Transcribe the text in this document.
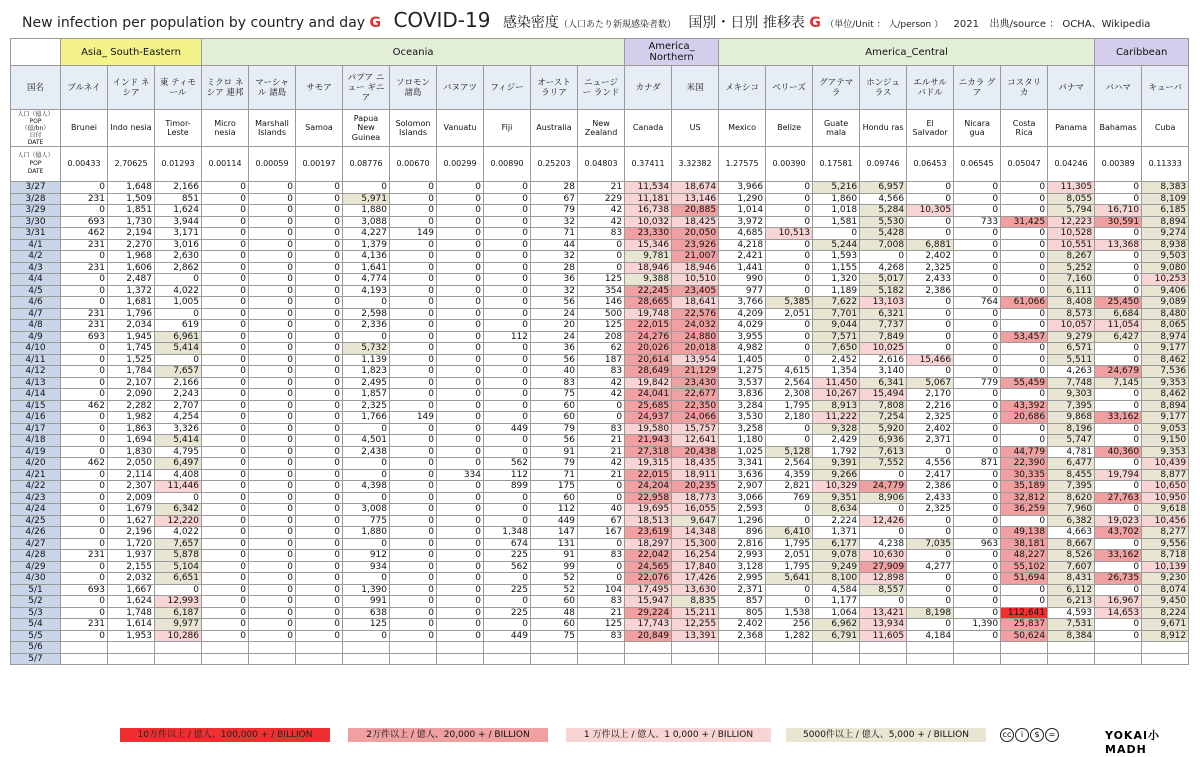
New infection per population by country and day G COVID-19 感染密度（人口あたり新規感染者数） 国別・日別 推移表 G （単位/Unit ： 人/person ） 2021 出典/source ： OCHA、Wikipedia
	Asia_ South-Eastern			Oceania									America_ Northern		America_Central								Caribbean	
国名	ブルネイ	インド ネシア	東 ティモール	ミクロ ネシア 連邦	マーシャル 諸島	サモア	パプア ニュー ギニア	ソロモン 諸島	バヌアツ	フィジー	オースト ラリア	ニュージー ランド	カナダ	米国	メキシコ	ベリーズ	グアテマラ	ホンジュ ラス	エルサル バドル	ニカラ グア	コスタリカ	パナマ	バハマ	キューバ

人口（億人）
POP
（億/bn）
日付
DATE	Brunei	Indo nesia	Timor- Leste	Micro nesia	Marshall Islands	Samoa	Papua New Guinea	Solomon Islands	Vanuatu	Fiji	Australia	New Zealand	Canada	US	Mexico	Belize	Guate mala	Hondu ras	El Salvador	Nicara gua	Costa Rica	Panama	Bahamas	Cuba

人口（億人）
POP
DATE	0.00433	2.70625	0.01293	0.00114	0.00059	0.00197	0.08776	0.00670	0.00299	0.00890	0.25203	0.04803	0.37411	3.32382	1.27575	0.00390	0.17581	0.09746	0.06453	0.06545	0.05047	0.04246	0.00389	0.11333
3/27	0	1,648	2,166	0	0	0	0	0	0	0	28	21	11,534	18,674	3,966	0	5,216	6,957	0	0	0	11,305	0	8,383
3/28	231	1,509	851	0	0	0	5,971	0	0	0	67	229	11,181	13,146	1,290	0	1,860	4,566	0	0	0	8,055	0	8,109
3/29	0	1,851	1,624	0	0	0	1,880	0	0	0	79	42	16,738	20,885	1,014	0	1,018	5,284	10,305	0	0	5,794	16,710	6,185
3/30	693	1,730	3,944	0	0	0	3,088	0	0	0	32	42	10,032	18,425	3,972	0	1,581	5,530	0	733	31,425	12,223	30,591	8,894
3/31	462	2,194	3,171	0	0	0	4,227	149	0	0	71	83	23,330	20,050	4,685	10,513	0	5,428	0	0	0	10,528	0	9,274
4/1	231	2,270	3,016	0	0	0	1,379	0	0	0	44	0	15,346	23,926	4,218	0	5,244	7,008	6,881	0	0	10,551	13,368	8,938
4/2	0	1,968	2,630	0	0	0	4,136	0	0	0	32	0	9,781	21,007	2,421	0	1,593	0	2,402	0	0	8,267	0	9,503
4/3	231	1,606	2,862	0	0	0	1,641	0	0	0	28	0	18,946	18,946	1,441	0	1,155	4,268	2,325	0	0	5,252	0	9,080
4/4	0	2,487	0	0	0	0	4,774	0	0	0	36	125	9,388	10,510	990	0	1,320	5,017	2,433	0	0	7,160	0	10,253
4/5	0	1,372	4,022	0	0	0	4,193	0	0	0	32	354	22,245	23,405	977	0	1,189	5,182	2,386	0	0	6,111	0	9,406
4/6	0	1,681	1,005	0	0	0	0	0	0	0	56	146	28,665	18,641	3,766	5,385	7,622	13,103	0	764	61,066	8,408	25,450	9,089
4/7	231	1,796	0	0	0	0	2,598	0	0	0	24	500	19,748	22,576	4,209	2,051	7,701	6,321	0	0	0	8,573	6,684	8,480
4/8	231	2,034	619	0	0	0	2,336	0	0	0	20	125	22,015	24,032	4,029	0	9,044	7,737	0	0	0	10,057	11,054	8,065
4/9	693	1,945	6,961	0	0	0	0	0	0	112	24	208	24,276	24,880	3,955	0	7,571	7,849	0	0	53,457	9,279	6,427	8,974
4/10	0	1,745	5,414	0	0	0	5,732	0	0	0	36	62	20,026	20,018	4,982	0	7,650	10,025	0	0	0	6,571	0	9,177
4/11	0	1,525	0	0	0	0	1,139	0	0	0	56	187	20,614	13,954	1,405	0	2,452	2,616	15,466	0	0	5,511	0	8,462
4/12	0	1,784	7,657	0	0	0	1,823	0	0	0	40	83	28,649	21,129	1,275	4,615	1,354	3,140	0	0	0	4,263	24,679	7,536
4/13	0	2,107	2,166	0	0	0	2,495	0	0	0	83	42	19,842	23,430	3,537	2,564	11,450	6,341	5,067	779	55,459	7,748	7,145	9,353
4/14	0	2,090	2,243	0	0	0	1,857	0	0	0	75	42	24,041	22,677	3,836	2,308	10,267	15,494	2,170	0	0	9,303	0	8,462
4/15	462	2,282	2,707	0	0	0	2,325	0	0	0	60	0	25,685	22,350	3,284	1,795	8,913	7,808	2,216	0	43,392	7,395	0	8,894
4/16	0	1,982	4,254	0	0	0	1,766	149	0	0	60	0	24,937	24,066	3,530	2,180	11,222	7,254	2,325	0	20,686	9,868	33,162	9,177
4/17	0	1,863	3,326	0	0	0	0	0	0	449	79	83	19,580	15,757	3,258	0	9,328	5,920	2,402	0	0	8,196	0	9,053
4/18	0	1,694	5,414	0	0	0	4,501	0	0	0	56	21	21,943	12,641	1,180	0	2,429	6,936	2,371	0	0	5,747	0	9,150
4/19	0	1,830	4,795	0	0	0	2,438	0	0	0	91	21	27,318	20,438	1,025	5,128	1,792	7,613	0	0	44,779	4,781	40,360	9,353
4/20	462	2,050	6,497	0	0	0	0	0	0	562	79	42	19,315	18,435	3,341	2,564	9,391	7,552	4,556	871	22,390	6,477	0	10,439
4/21	0	2,114	4,408	0	0	0	0	0	334	112	71	21	22,015	18,911	3,636	4,359	9,266	0	2,417	0	30,335	8,455	19,794	8,877
4/22	0	2,307	11,446	0	0	0	4,398	0	0	899	175	0	24,204	20,235	2,907	2,821	10,329	24,779	2,386	0	35,189	7,395	0	10,650
4/23	0	2,009	0	0	0	0	0	0	0	0	60	0	22,958	18,773	3,066	769	9,351	8,906	2,433	0	32,812	8,620	27,763	10,950
4/24	0	1,679	6,342	0	0	0	3,008	0	0	0	112	40	19,695	16,055	2,593	0	8,634	0	2,325	0	36,259	7,960	0	9,618
4/25	0	1,627	12,220	0	0	0	775	0	0	0	449	67	18,513	9,647	1,296	0	2,224	12,426	0	0	0	6,382	19,023	10,456
4/26	0	2,196	4,022	0	0	0	1,880	0	0	1,348	147	167	23,619	14,348	896	6,410	1,371	0	0	0	49,138	4,663	43,702	8,277
4/27	0	1,720	7,657	0	0	0	0	0	0	674	131	0	18,297	15,300	2,816	1,795	6,177	4,238	7,035	963	38,181	8,667	0	9,556
4/28	231	1,937	5,878	0	0	0	912	0	0	225	91	83	22,042	16,254	2,993	2,051	9,078	10,630	0	0	48,227	8,526	33,162	8,718
4/29	0	2,155	5,104	0	0	0	934	0	0	562	99	0	24,565	17,840	3,128	1,795	9,249	27,909	4,277	0	55,102	7,607	0	10,139
4/30	0	2,032	6,651	0	0	0	0	0	0	0	52	0	22,076	17,426	2,995	5,641	8,100	12,898	0	0	51,694	8,431	26,735	9,230
5/1	693	1,667	0	0	0	0	1,390	0	0	225	52	104	17,495	13,630	2,371	0	4,584	8,557	0	0	0	6,112	0	8,074
5/2	0	1,624	12,993	0	0	0	991	0	0	0	60	83	15,947	8,835	857	0	1,177	0	0	0	0	6,213	16,967	9,450
5/3	0	1,748	6,187	0	0	0	638	0	0	225	48	21	29,224	15,211	805	1,538	1,064	13,421	8,198	0	112,641	4,593	14,653	8,224
5/4	231	1,614	9,977	0	0	0	125	0	0	0	60	125	17,743	12,255	2,402	256	6,962	13,934	0	1,390	25,837	7,531	0	9,671
5/5	0	1,953	10,286	0	0	0	0	0	0	449	75	83	20,849	13,391	2,368	1,282	6,791	11,605	4,184	0	50,624	8,384	0	8,912
5/6																								
5/7																								
10万件以上 / 億人、100,000 + / BILLION	2万件以上 / 億人、20,000 + / BILLION	1 万件以上 / 億人、1 0,000 + / BILLION	5000件以上 / 億人、5,000 + / BILLION	cc i $ =	YOKAI小MADH
